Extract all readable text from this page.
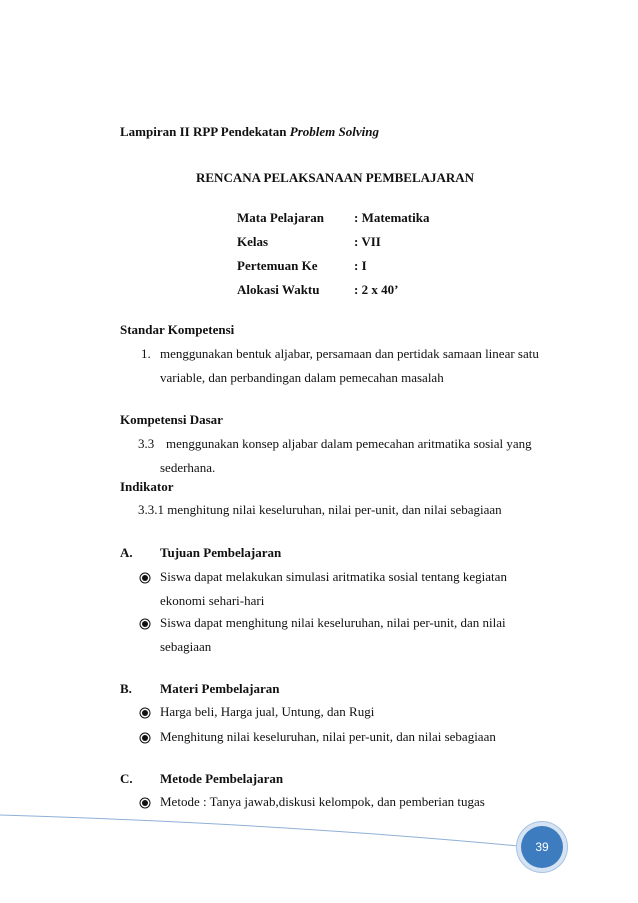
Lampiran II RPP Pendekatan Problem Solving
RENCANA PELAKSANAAN PEMBELAJARAN
Mata Pelajaran : Matematika
Kelas	: VII
Pertemuan Ke	: I
Alokasi Waktu	: 2 x 40’
Standar Kompetensi
1. menggunakan bentuk aljabar, persamaan dan pertidak samaan linear satu
variable, dan perbandingan dalam pemecahan masalah
Kompetensi Dasar
3.3 menggunakan konsep aljabar dalam pemecahan aritmatika sosial yang
sederhana.
Indikator
3.3.1 menghitung nilai keseluruhan, nilai per-unit, dan nilai sebagiaan
A. Tujuan Pembelajaran
Siswa dapat melakukan simulasi aritmatika sosial tentang kegiatan
ekonomi sehari-hari
Siswa dapat menghitung nilai keseluruhan, nilai per-unit, dan nilai
sebagiaan
B. Materi Pembelajaran
Harga beli, Harga jual, Untung, dan Rugi
Menghitung nilai keseluruhan, nilai per-unit, dan nilai sebagiaan
C. Metode Pembelajaran
Metode : Tanya jawab,diskusi kelompok, dan pemberian tugas
39
